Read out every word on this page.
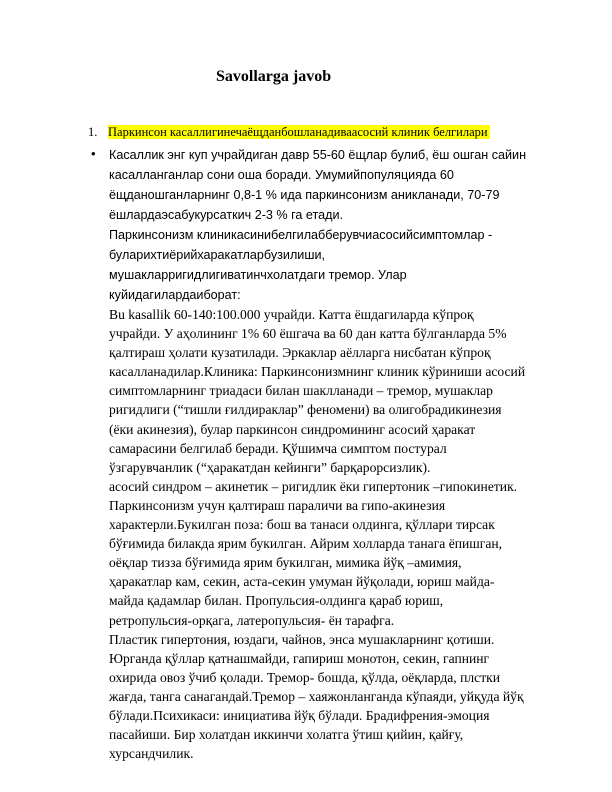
Savollarga javob
1. Паркинсон касаллигинечаёщданбошланадиваасосий клиник белгилари
• Касаллик энг куп учрайдиган давр 55-60 ёщлар булиб, ёш ошган сайин
касалланганлар сони оша боради. Умумийпопуляцияда 60
ёщданошганларнинг 0,8-1 % ида паркинсонизм аникланади, 70-79
ёшлардаэсабукурсаткич 2-3 % га етади.
Паркинсонизм клиникасинибелгилабберувчиасосийсимптомлар -
буларихтиёрийхаракатларбузилиши,
мушакларригидлигиватинчхолатдаги тремор. Улар
куйидагилардаиборат:
Bu kasallik 60-140:100.000 учрайди. Катта ёшдагиларда кўпроқ
учрайди. У аҳолининг 1% 60 ёшгача ва 60 дан катта бўлганларда 5%
қалтираш ҳолати кузатилади. Эркаклар аёлларга нисбатан кўпроқ
касалланадилар.Клиника: Паркинсонизмнинг клиник кўриниши асосий
симптомларнинг триадаси билан шаклланади – тремор, мушаклар
ригидлиги (“тишли ғилдираклар” феномени) ва олигобрадикинезия
(ёки акинезия), булар паркинсон синдромининг асосий ҳаракат
самарасини белгилаб беради. Қўшимча симптом постурал
ўзгарувчанлик (“ҳаракатдан кейинги” барқарорсизлик).
асосий синдром – акинетик – ригидлик ёки гипертоник –гипокинетик.
Паркинсонизм учун қалтираш параличи ва гипо-акинезия
характерли.Букилган поза: бош ва танаси олдинга, қўллари тирсак
бўғимида билакда ярим букилган. Айрим холларда танага ёпишган,
оёқлар тизза бўғимида ярим букилган, мимика йўқ –амимия,
ҳаракатлар кам, секин, аста-секин умуман йўқолади, юриш майда-
майда қадамлар билан. Пропульсия-олдинга қараб юриш,
ретропульсия-орқага, латеропульсия- ён тарафга.
Пластик гипертония, юздаги, чайнов, энса мушакларнинг қотиши.
Юрганда қўллар қатнашмайди, гапириш монотон, секин, гапнинг
охирида овоз ўчиб қолади. Тремор- бошда, қўлда, оёқларда, плстки
жағда, танга санагандай.Тремор – хаяжонланганда кўпаяди, уйқуда йўқ
бўлади.Психикаси: инициатива йўқ бўлади. Брадифрения-эмоция
пасайиши. Бир холатдан иккинчи холатга ўтиш қийин, қайғу,
хурсандчилик.
